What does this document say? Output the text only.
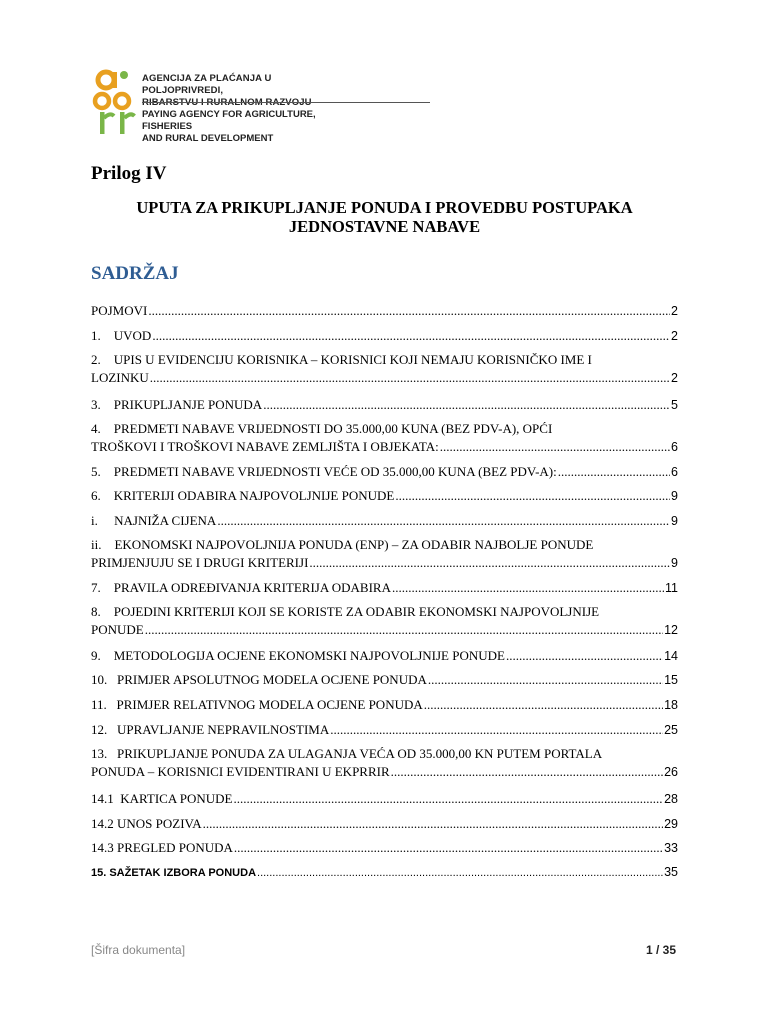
AGENCIJA ZA PLAĆANJA U POLJOPRIVREDI,
RIBARSTVU I RURALNOM RAZVOJU
PAYING AGENCY FOR AGRICULTURE, FISHERIES
AND RURAL DEVELOPMENT
Prilog IV
UPUTA ZA PRIKUPLJANJE PONUDA I PROVEDBU POSTUPAKA JEDNOSTAVNE NABAVE
SADRŽAJ
POJMOVI .....	2
1.    UVOD .....	2
2.    UPIS U EVIDENCIJU KORISNIKA – KORISNICI KOJI NEMAJU KORISNIČKO IME I
LOZINKU .....	2
3.    PRIKUPLJANJE PONUDA .....	5
4.    PREDMETI NABAVE VRIJEDNOSTI DO 35.000,00 KUNA (BEZ PDV-A), OPĆI
TROŠKOVI I TROŠKOVI NABAVE ZEMLJIŠTA I OBJEKATA: .....	6
5.    PREDMETI NABAVE VRIJEDNOSTI VEĆE OD 35.000,00 KUNA (BEZ PDV-A): .....	6
6.    KRITERIJI ODABIRA NAJPOVOLJNIJE PONUDE .....	9
i.     NAJNIŽA CIJENA .....	9
ii.    EKONOMSKI NAJPOVOLJNIJA PONUDA (ENP) – ZA ODABIR NAJBOLJE PONUDE
PRIMJENJUJU SE I DRUGI KRITERIJI .....	9
7.    PRAVILA ODREĐIVANJA KRITERIJA ODABIRA .....	11
8.    POJEDINI KRITERIJI KOJI SE KORISTE ZA ODABIR EKONOMSKI NAJPOVOLJNIJE
PONUDE .....	12
9.    METODOLOGIJA OCJENE EKONOMSKI NAJPOVOLJNIJE PONUDE .....	14
10.   PRIMJER APSOLUTNOG MODELA OCJENE PONUDA .....	15
11.   PRIMJER RELATIVNOG MODELA OCJENE PONUDA .....	18
12.   UPRAVLJANJE NEPRAVILNOSTIMA .....	25
13.   PRIKUPLJANJE PONUDA ZA ULAGANJA VEĆA OD 35.000,00 KN PUTEM PORTALA
PONUDA – KORISNICI EVIDENTIRANI U EKPRRIR .....	26
14.1  KARTICA PONUDE .....	28
14.2 UNOS POZIVA .....	29
14.3 PREGLED PONUDA .....	33
15. SAŽETAK IZBORA PONUDA .....	35
[Šifra dokumenta]	1 / 35
